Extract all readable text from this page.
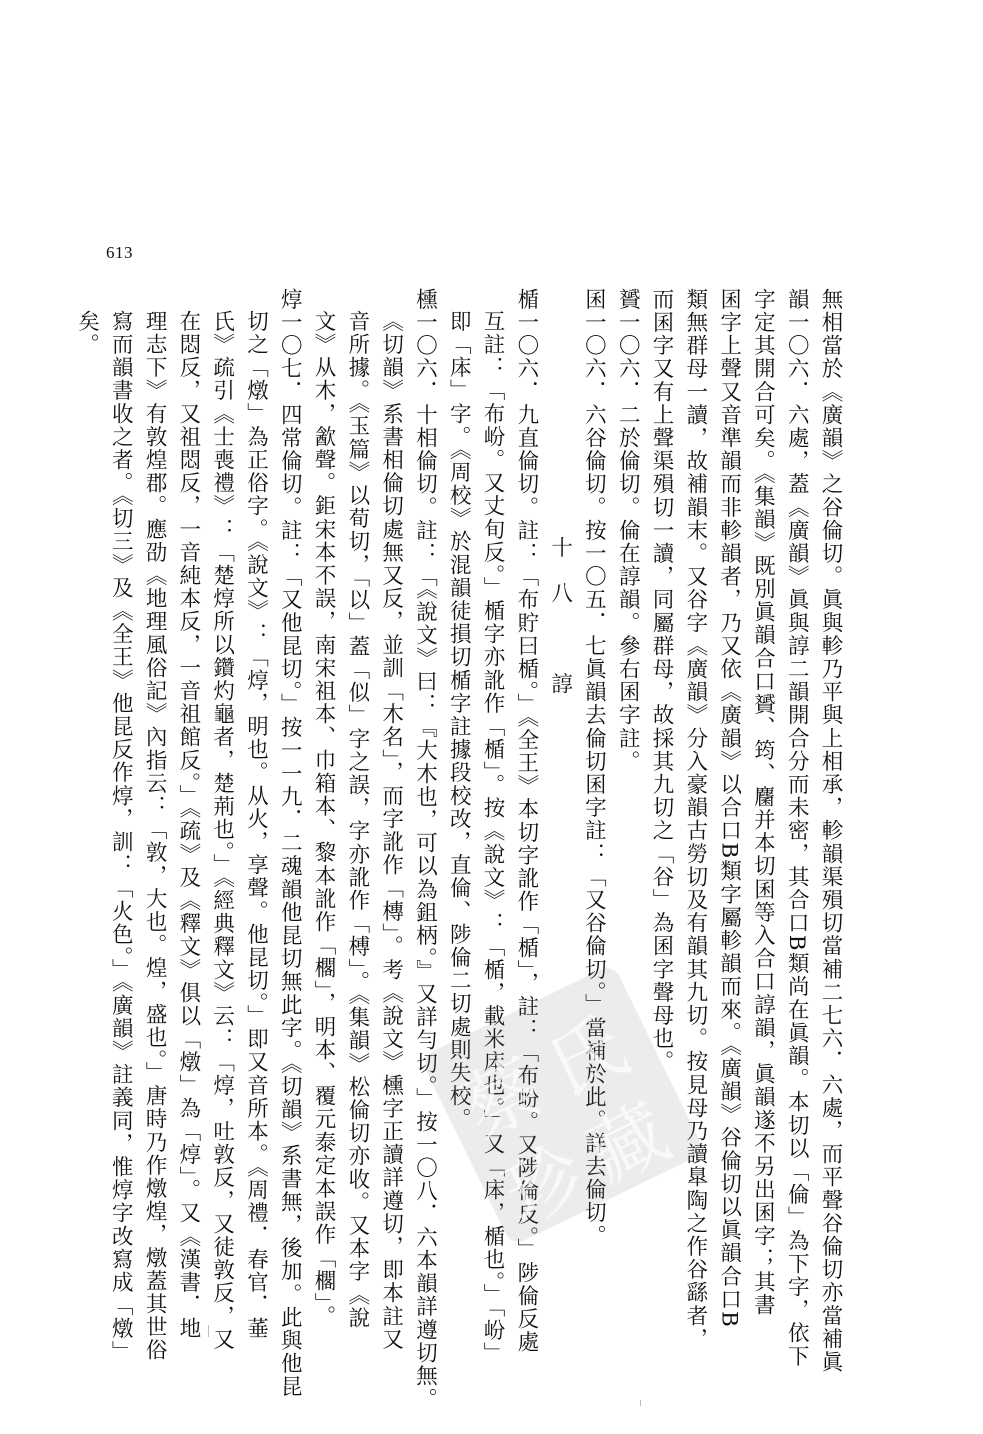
613
無相當於《廣韻》之谷倫切。眞與軫乃平與上相承，軫韻渠殞切當補二七六．六處，而平聲谷倫切亦當補眞
韻一〇六．六處，蓋《廣韻》眞與諄二韻開合分而未密，其合口B類尚在眞韻。本切以「倫」為下字，依下
字定其開合可矣。《集韻》既別眞韻合口贇、筠、麕并本切囷等入合口諄韻，眞韻遂不另出囷字；其書
囷字上聲又音準韻而非軫韻者，乃又依《廣韻》以合口B類字屬軫韻而來。《廣韻》谷倫切以眞韻合口B
類無群母一讀，故補韻末。又谷字《廣韻》分入豪韻古勞切及有韻其九切。按見母乃讀臯陶之作谷繇者，
而囷字又有上聲渠殞切一讀，同屬群母，故採其九切之「谷」為囷字聲母也。
贇一〇六．二於倫切。倫在諄韻。參右囷字註。
囷一〇六．六谷倫切。按一〇五．七眞韻去倫切囷字註：「又谷倫切。」當補於此。詳去倫切。
十八　諄
楯一〇六．九直倫切。註：「布貯曰楯。」《全王》本切字訛作「楯」，註：「布岎。又陟倫反。」陟倫反處
互註：「布岎。又丈旬反。」楯字亦訛作「楯」。按《說文》：「楯，載米㡷也。」又「㡷，楯也。」「岎」
即「㡷」字。《周校》於混韻徒損切楯字註據段校改，直倫、陟倫二切處則失校。
櫄一〇六．十相倫切。註：「《說文》曰：『大木也，可以為鉏柄。』又詳勻切。」按一〇八．六本韻詳遵切無。
《切韻》系書相倫切處無又反，並訓「木名」，而字訛作「槫」。考《說文》櫄字正讀詳遵切，即本註又
音所據。《玉篇》以荀切，「以」蓋「似」字之誤，字亦訛作「榑」。《集韻》松倫切亦收。又本字《說
文》从木，㱃聲。鉅宋本不誤，南宋祖本、巾箱本、黎本訛作「櫊」，明本、覆元泰定本誤作「櫊」。
焞一〇七．四常倫切。註：「又他昆切。」按一一九．二魂韻他昆切無此字。《切韻》系書無，後加。此與他昆
切之「燉」為正俗字。《說文》：「焞，明也。从火，享聲。他昆切。」即又音所本。《周禮．春官．菙
氏》疏引《士喪禮》：「楚焞所以鑽灼龜者，楚荊也。」《經典釋文》云：「焞，吐敦反，又徒敦反，又
在悶反，又祖悶反，一音純本反，一音祖館反。」《疏》及《釋文》俱以「燉」為「焞」。又《漢書．地
理志下》有敦煌郡。應劭《地理風俗記》內指云：「敦，大也。煌，盛也。」唐時乃作燉煌，燉蓋其世俗
寫而韻書收之者。《切三》及《全王》他昆反作焞，訓：「火色。」《廣韻》註義同，惟焞字改寫成「燉」
矣。
蔡
氏
珍
藏
